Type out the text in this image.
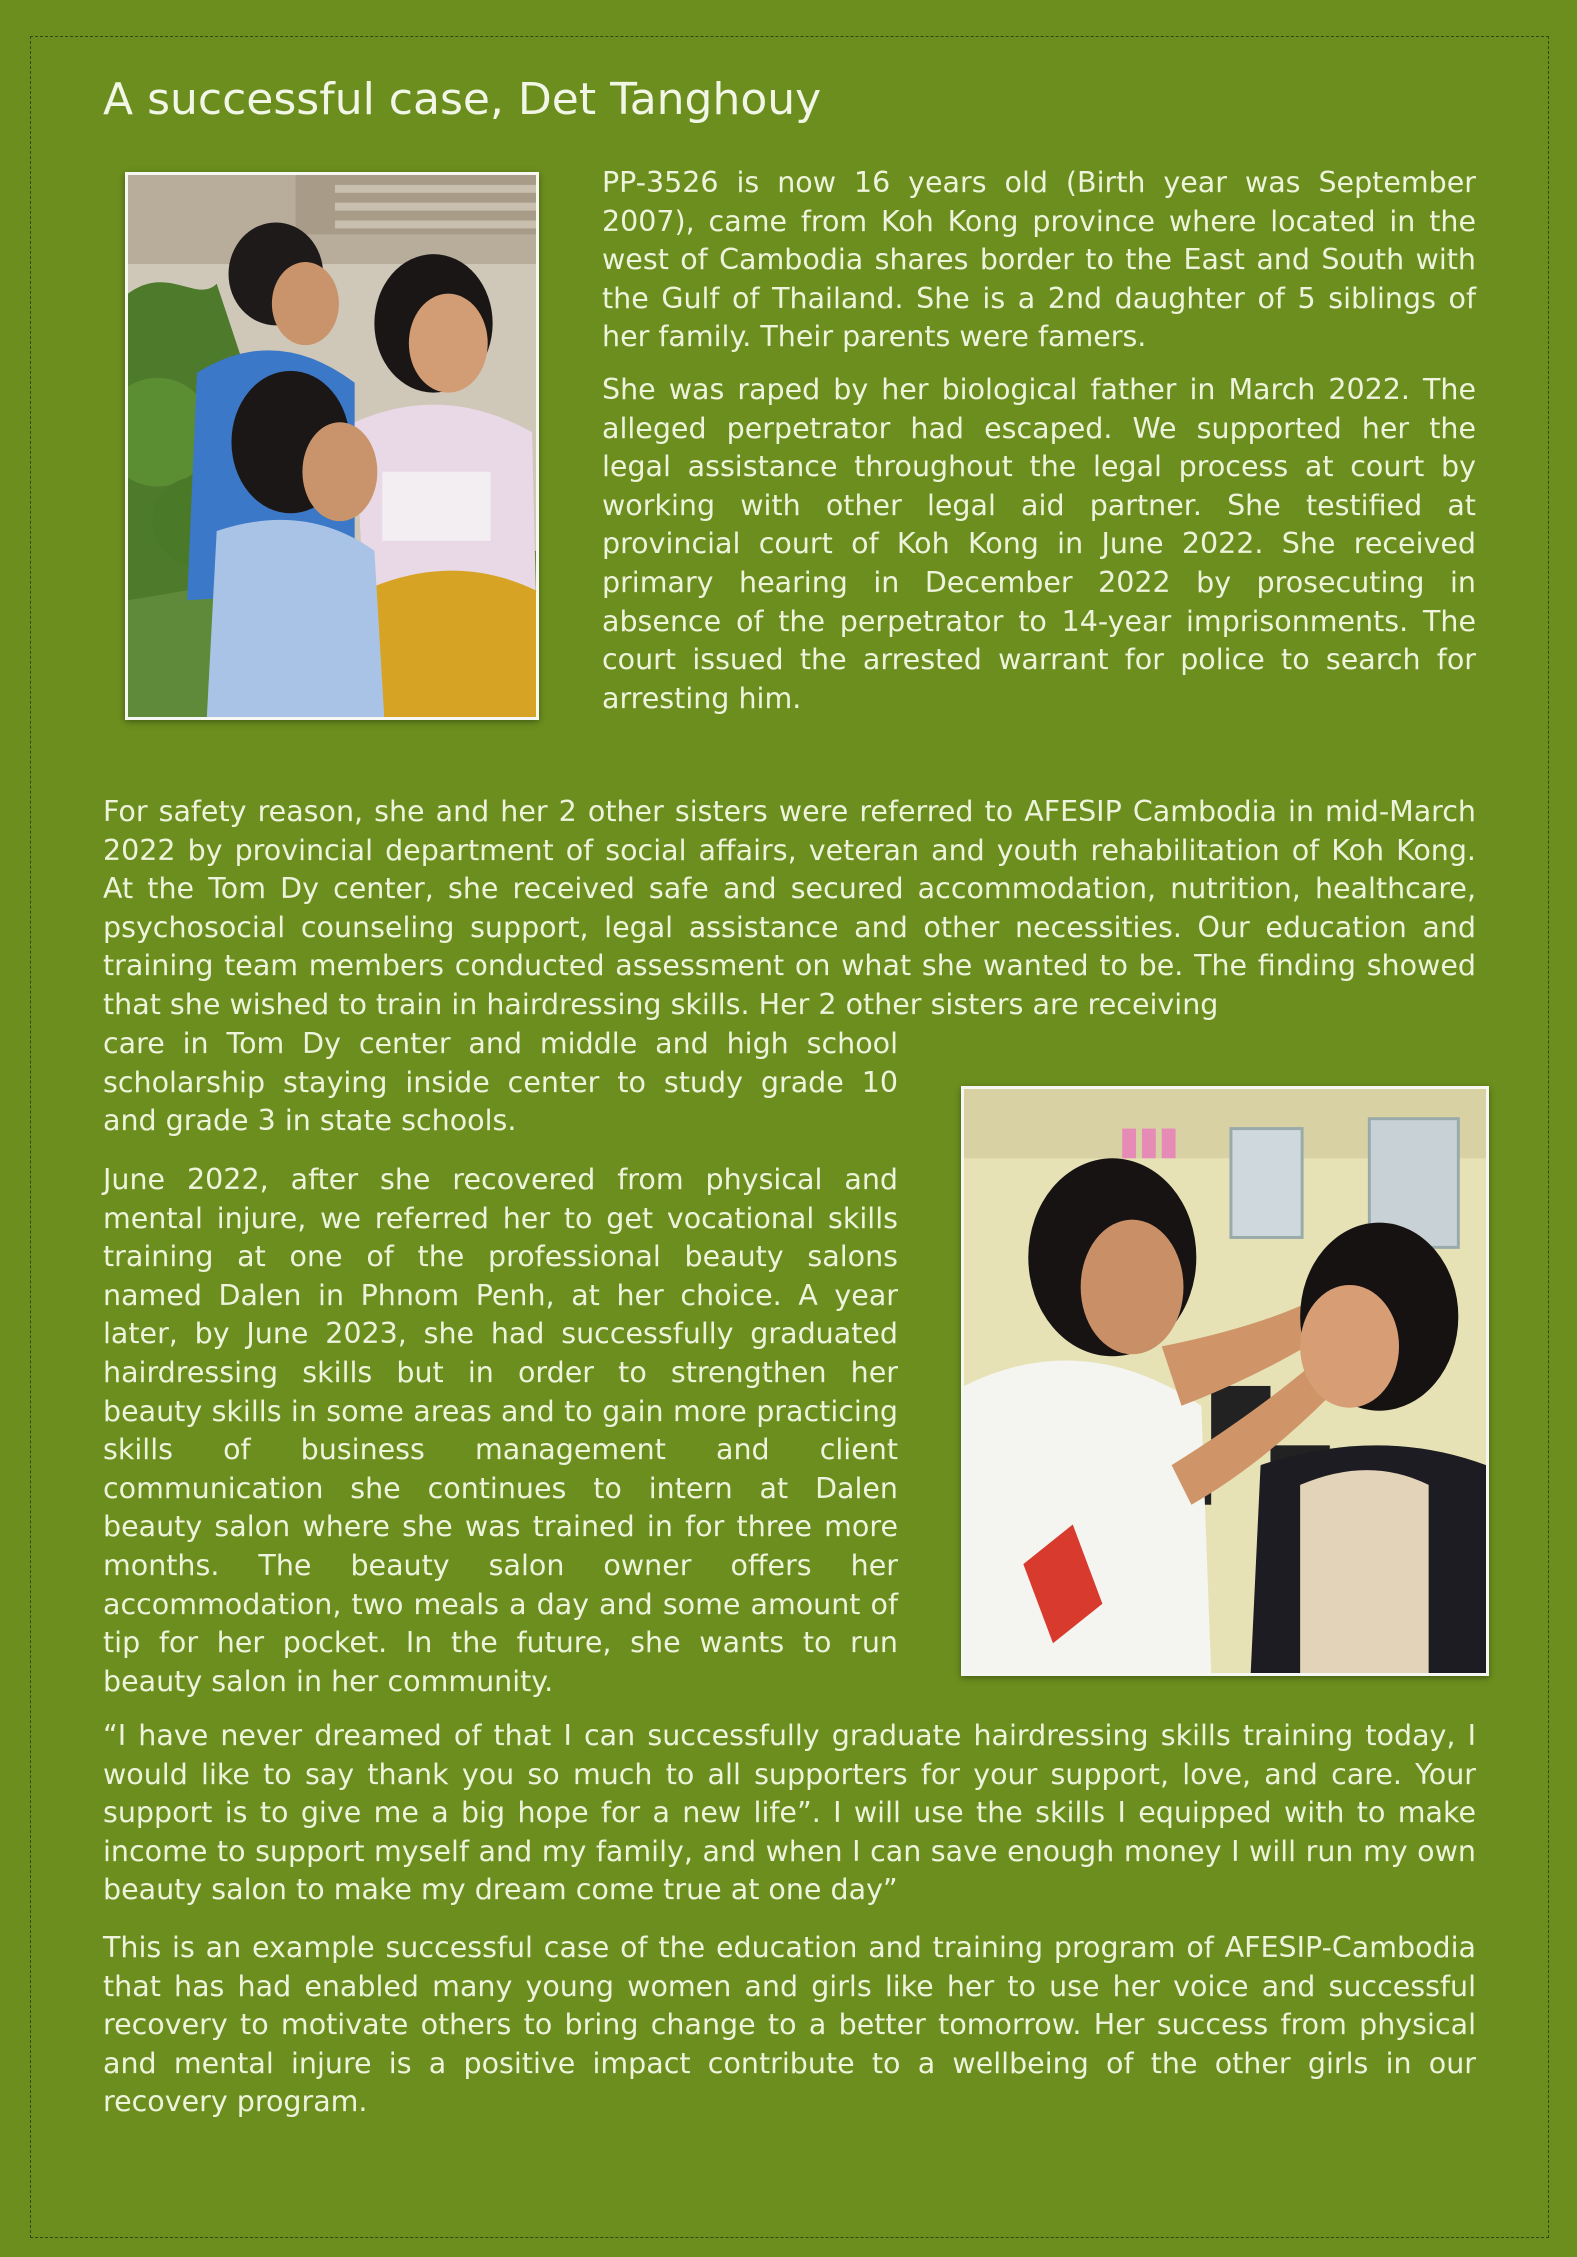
A successful case, Det Tanghouy

PP-3526 is now 16 years old (Birth year was September 2007), came from Koh Kong province where located in the west of Cambodia shares border to the East and South with the Gulf of Thailand. She is a 2nd daughter of 5 siblings of her family. Their parents were famers.

She was raped by her biological father in March 2022. The alleged perpetrator had escaped. We supported her the legal assistance throughout the legal process at court by working with other legal aid partner. She testified at provincial court of Koh Kong in June 2022. She received primary hearing in December 2022 by prosecuting in absence of the perpetrator to 14-year imprisonments. The court issued the arrested warrant for police to search for arresting him.

For safety reason, she and her 2 other sisters were referred to AFESIP Cambodia in mid-March 2022 by provincial department of social affairs, veteran and youth rehabilitation of Koh Kong. At the Tom Dy center, she received safe and secured accommodation, nutrition, healthcare, psychosocial counseling support, legal assistance and other necessities. Our education and training team members conducted assessment on what she wanted to be. The finding showed that she wished to train in hairdressing skills. Her 2 other sisters are receiving

care in Tom Dy center and middle and high school scholarship staying inside center to study grade 10 and grade 3 in state schools.

June 2022, after she recovered from physical and mental injure, we referred her to get vocational skills training at one of the professional beauty salons named Dalen in Phnom Penh, at her choice. A year later, by June 2023, she had successfully graduated hairdressing skills but in order to strengthen her beauty skills in some areas and to gain more practicing skills of business management and client communication she continues to intern at Dalen beauty salon where she was trained in for three more months. The beauty salon owner offers her accommodation, two meals a day and some amount of tip for her pocket. In the future, she wants to run beauty salon in her community.

“I have never dreamed of that I can successfully graduate hairdressing skills training today, I would like to say thank you so much to all supporters for your support, love, and care. Your support is to give me a big hope for a new life”. I will use the skills I equipped with to make income to support myself and my family, and when I can save enough money I will run my own beauty salon to make my dream come true at one day”

This is an example successful case of the education and training program of AFESIP-Cambodia that has had enabled many young women and girls like her to use her voice and successful recovery to motivate others to bring change to a better tomorrow. Her success from physical and mental injure is a positive impact contribute to a wellbeing of the other girls in our recovery program.
